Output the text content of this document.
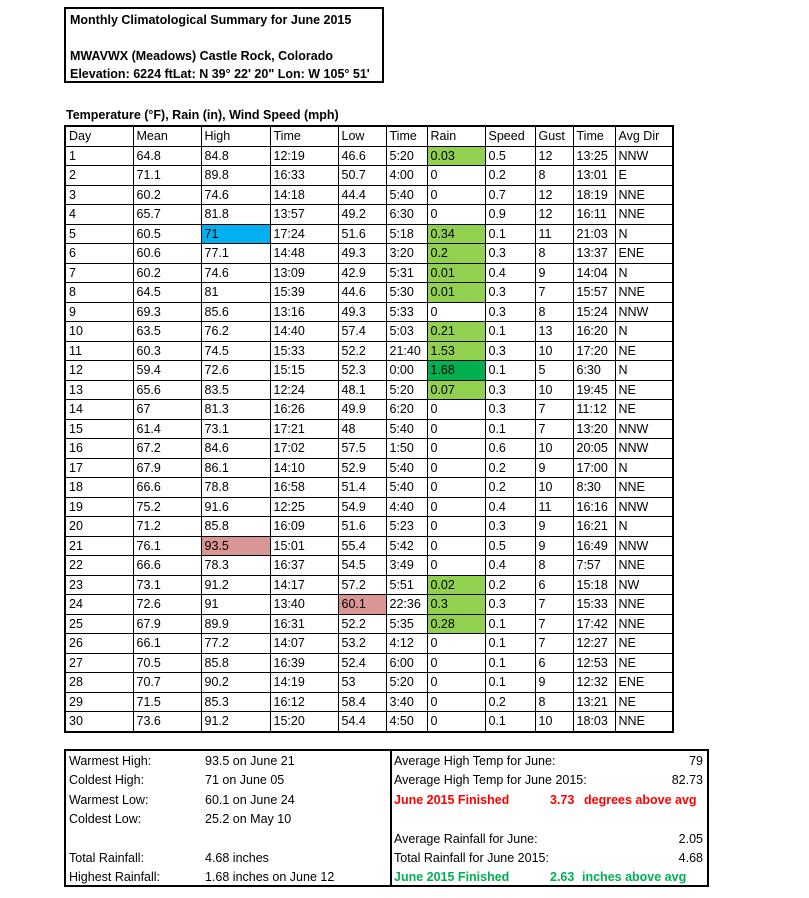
Monthly Climatological Summary for June 2015
MWAVWX (Meadows) Castle Rock, Colorado
Elevation: 6224 ftLat: N 39° 22' 20" Lon: W 105° 51'
Temperature (°F), Rain (in), Wind Speed (mph)
Day	Mean	High	Time	Low	Time	Rain	Speed	Gust	Time	Avg Dir
1	64.8	84.8	12:19	46.6	5:20	0.03	0.5	12	13:25	NNW
2	71.1	89.8	16:33	50.7	4:00	0	0.2	8	13:01	E
3	60.2	74.6	14:18	44.4	5:40	0	0.7	12	18:19	NNE
4	65.7	81.8	13:57	49.2	6:30	0	0.9	12	16:11	NNE
5	60.5	71	17:24	51.6	5:18	0.34	0.1	11	21:03	N
6	60.6	77.1	14:48	49.3	3:20	0.2	0.3	8	13:37	ENE
7	60.2	74.6	13:09	42.9	5:31	0.01	0.4	9	14:04	N
8	64.5	81	15:39	44.6	5:30	0.01	0.3	7	15:57	NNE
9	69.3	85.6	13:16	49.3	5:33	0	0.3	8	15:24	NNW
10	63.5	76.2	14:40	57.4	5:03	0.21	0.1	13	16:20	N
11	60.3	74.5	15:33	52.2	21:40	1.53	0.3	10	17:20	NE
12	59.4	72.6	15:15	52.3	0:00	1.68	0.1	5	6:30	N
13	65.6	83.5	12:24	48.1	5:20	0.07	0.3	10	19:45	NE
14	67	81.3	16:26	49.9	6:20	0	0.3	7	11:12	NE
15	61.4	73.1	17:21	48	5:40	0	0.1	7	13:20	NNW
16	67.2	84.6	17:02	57.5	1:50	0	0.6	10	20:05	NNW
17	67.9	86.1	14:10	52.9	5:40	0	0.2	9	17:00	N
18	66.6	78.8	16:58	51.4	5:40	0	0.2	10	8:30	NNE
19	75.2	91.6	12:25	54.9	4:40	0	0.4	11	16:16	NNW
20	71.2	85.8	16:09	51.6	5:23	0	0.3	9	16:21	N
21	76.1	93.5	15:01	55.4	5:42	0	0.5	9	16:49	NNW
22	66.6	78.3	16:37	54.5	3:49	0	0.4	8	7:57	NNE
23	73.1	91.2	14:17	57.2	5:51	0.02	0.2	6	15:18	NW
24	72.6	91	13:40	60.1	22:36	0.3	0.3	7	15:33	NNE
25	67.9	89.9	16:31	52.2	5:35	0.28	0.1	7	17:42	NNE
26	66.1	77.2	14:07	53.2	4:12	0	0.1	7	12:27	NE
27	70.5	85.8	16:39	52.4	6:00	0	0.1	6	12:53	NE
28	70.7	90.2	14:19	53	5:20	0	0.1	9	12:32	ENE
29	71.5	85.3	16:12	58.4	3:40	0	0.2	8	13:21	NE
30	73.6	91.2	15:20	54.4	4:50	0	0.1	10	18:03	NNE
Warmest High:	93.5 on June 21
Coldest High:	71 on June 05
Warmest Low:	60.1 on June 24
Coldest Low:	25.2 on May 10
Total Rainfall:	4.68 inches
Highest Rainfall:	1.68 inches on June 12
Average High Temp for June:	79
Average High Temp for June 2015:	82.73
June 2015 Finished	3.73 degrees above avg
Average Rainfall for June:	2.05
Total Rainfall for June 2015:	4.68
June 2015 Finished	2.63 inches above avg
